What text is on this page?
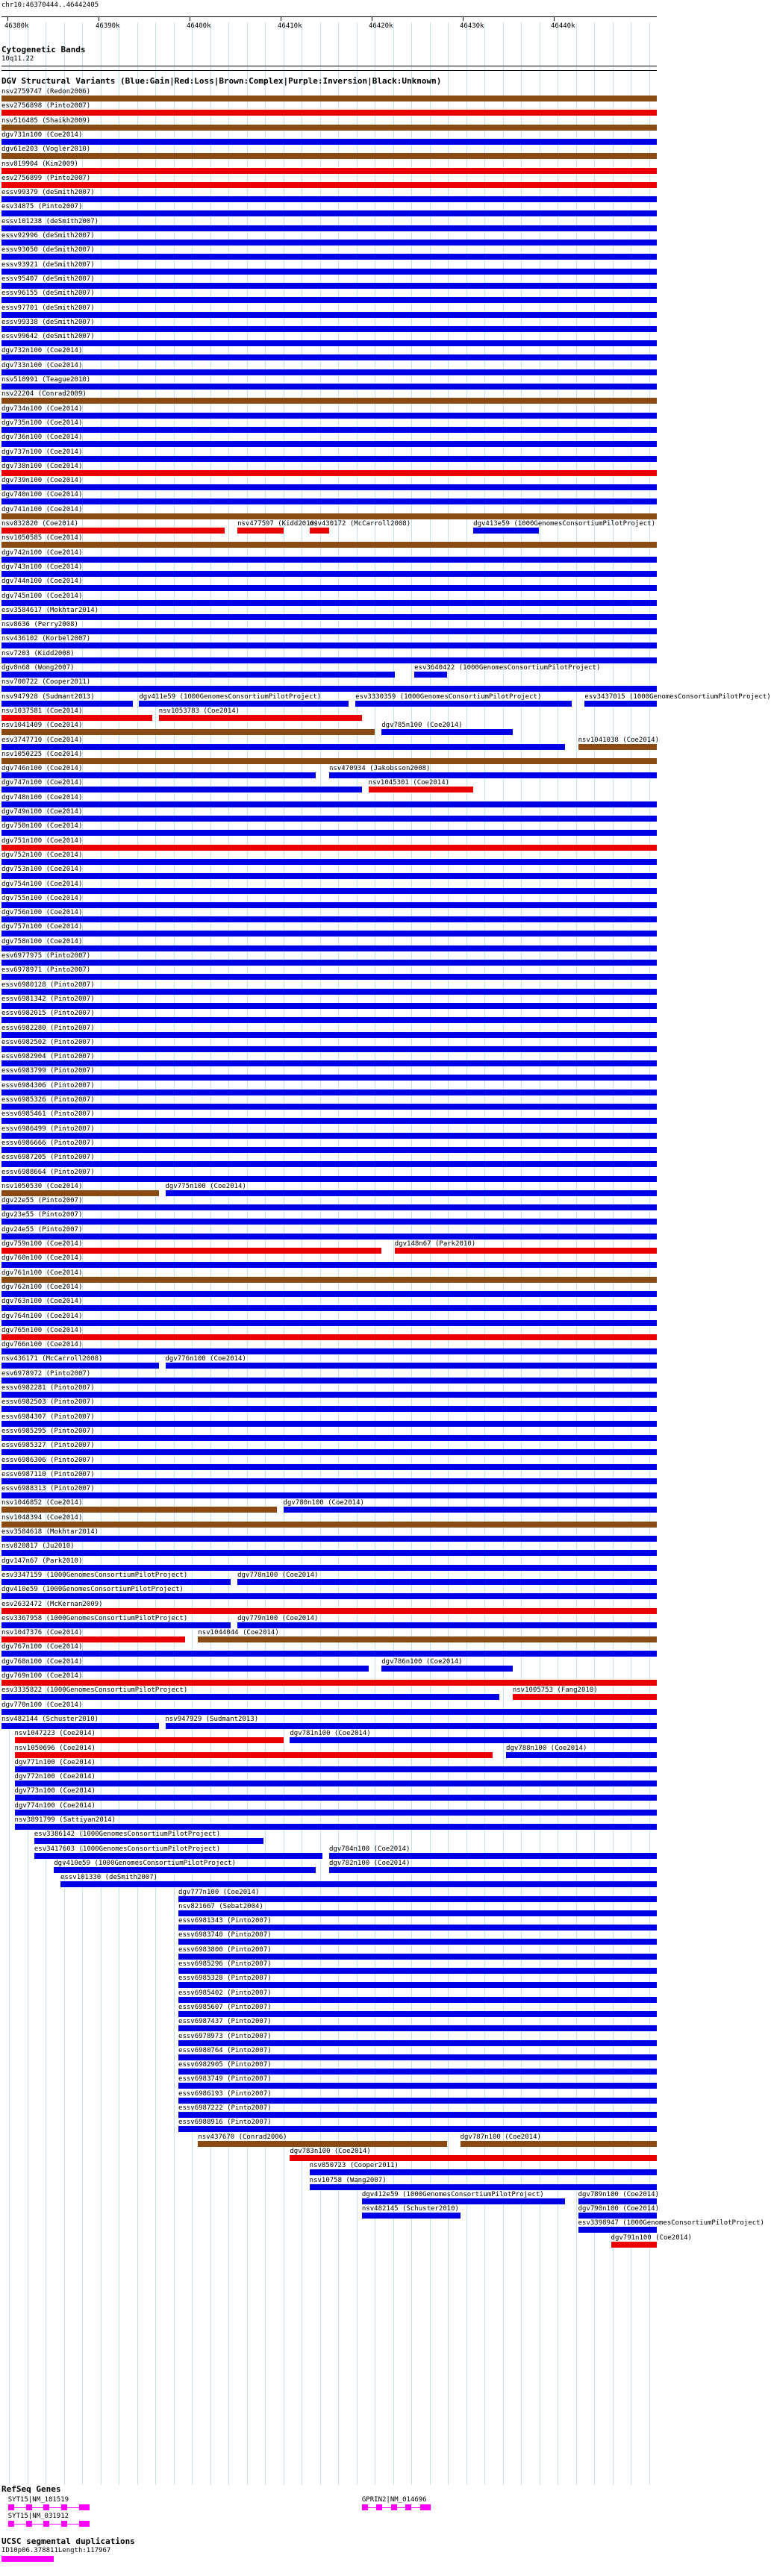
chr10:46370444..46442405
46380k	46390k	46400k	46410k	46420k	46430k	46440k
Cytogenetic Bands
10q11.22
DGV Structural Variants (Blue:Gain|Red:Loss|Brown:Complex|Purple:Inversion|Black:Unknown)
nsv2759747 (Redon2006)
esv2756898 (Pinto2007)
nsv516485 (Shaikh2009)
dgv731n100 (Coe2014)
dgv61e203 (Vogler2010)
nsv819904 (Kim2009)
esv2756899 (Pinto2007)
essv99379 (deSmith2007)
esv34875 (Pinto2007)
essv101238 (deSmith2007)
essv92996 (deSmith2007)
essv93050 (deSmith2007)
essv93921 (deSmith2007)
essv95407 (deSmith2007)
essv96155 (deSmith2007)
essv97701 (deSmith2007)
essv99338 (deSmith2007)
essv99642 (deSmith2007)
dgv732n100 (Coe2014)
dgv733n100 (Coe2014)
nsv510991 (Teague2010)
nsv22204 (Conrad2009)
dgv734n100 (Coe2014)
dgv735n100 (Coe2014)
dgv736n100 (Coe2014)
dgv737n100 (Coe2014)
dgv738n100 (Coe2014)
dgv739n100 (Coe2014)
dgv740n100 (Coe2014)
dgv741n100 (Coe2014)
nsv832820 (Coe2014)	nsv477597 (Kidd2010)
nsv430172 (McCarroll2008)	dgv413e59 (1000GenomesConsortiumPilotProject)
nsv1050585 (Coe2014)
dgv742n100 (Coe2014)
dgv743n100 (Coe2014)
dgv744n100 (Coe2014)
dgv745n100 (Coe2014)
esv3584617 (Mokhtar2014)
nsv8636 (Perry2008)
nsv436102 (Korbel2007)
nsv7203 (Kidd2008)
dgv8n68 (Wong2007)	esv3640422 (1000GenomesConsortiumPilotProject)
nsv700722 (Cooper2011)
nsv947928 (Sudmant2013)	dgv411e59 (1000GenomesConsortiumPilotProject)	esv3330359 (1000GenomesConsortiumPilotProject)	esv3437015 (1000GenomesConsortiumPilotProject)
nsv1037581 (Coe2014)	nsv1053783 (Coe2014)
nsv1041409 (Coe2014)	dgv785n100 (Coe2014)
esv3747710 (Coe2014)	nsv1041038 (Coe2014)
nsv1050225 (Coe2014)
dgv746n100 (Coe2014)	nsv470934 (Jakobsson2008)
dgv747n100 (Coe2014)	nsv1045301 (Coe2014)
dgv748n100 (Coe2014)
dgv749n100 (Coe2014)
dgv750n100 (Coe2014)
dgv751n100 (Coe2014)
dgv752n100 (Coe2014)
dgv753n100 (Coe2014)
dgv754n100 (Coe2014)
dgv755n100 (Coe2014)
dgv756n100 (Coe2014)
dgv757n100 (Coe2014)
dgv758n100 (Coe2014)
esv6977975 (Pinto2007)
esv6978971 (Pinto2007)
essv6980128 (Pinto2007)
essv6981342 (Pinto2007)
essv6982015 (Pinto2007)
essv6982280 (Pinto2007)
essv6982502 (Pinto2007)
essv6982904 (Pinto2007)
essv6983799 (Pinto2007)
essv6984306 (Pinto2007)
essv6985326 (Pinto2007)
essv6985461 (Pinto2007)
essv6986499 (Pinto2007)
essv6986666 (Pinto2007)
essv6987205 (Pinto2007)
essv6988664 (Pinto2007)
nsv1050530 (Coe2014)	dgv775n100 (Coe2014)
dgv22e55 (Pinto2007)
dgv23e55 (Pinto2007)
dgv24e55 (Pinto2007)
dgv759n100 (Coe2014)	dgv148n67 (Park2010)
dgv760n100 (Coe2014)
dgv761n100 (Coe2014)
dgv762n100 (Coe2014)
dgv763n100 (Coe2014)
dgv764n100 (Coe2014)
dgv765n100 (Coe2014)
dgv766n100 (Coe2014)
nsv436171 (McCarroll2008)	dgv776n100 (Coe2014)
esv6978972 (Pinto2007)
essv6982281 (Pinto2007)
essv6982503 (Pinto2007)
essv6984307 (Pinto2007)
essv6985295 (Pinto2007)
essv6985327 (Pinto2007)
essv6986306 (Pinto2007)
essv6987110 (Pinto2007)
essv6988313 (Pinto2007)
nsv1046852 (Coe2014)	dgv780n100 (Coe2014)
nsv1048394 (Coe2014)
esv3584618 (Mokhtar2014)
nsv820817 (Ju2010)
dgv147n67 (Park2010)
esv3347159 (1000GenomesConsortiumPilotProject)	dgv778n100 (Coe2014)
dgv410e59 (1000GenomesConsortiumPilotProject)
esv2632472 (McKernan2009)
esv3367958 (1000GenomesConsortiumPilotProject)	dgv779n100 (Coe2014)
nsv1047376 (Coe2014)	nsv1044044 (Coe2014)
dgv767n100 (Coe2014)
dgv768n100 (Coe2014)	dgv786n100 (Coe2014)
dgv769n100 (Coe2014)
esv3335822 (1000GenomesConsortiumPilotProject)	nsv1005753 (Fang2010)
dgv770n100 (Coe2014)
nsv482144 (Schuster2010)	nsv947929 (Sudmant2013)
nsv1047223 (Coe2014)	dgv781n100 (Coe2014)
nsv1050696 (Coe2014)	dgv788n100 (Coe2014)
dgv771n100 (Coe2014)
dgv772n100 (Coe2014)
dgv773n100 (Coe2014)
dgv774n100 (Coe2014)
nsv3891799 (Sattiyan2014)
esv3386142 (1000GenomesConsortiumPilotProject)
esv3417603 (1000GenomesConsortiumPilotProject)	dgv784n100 (Coe2014)
dgv410e59 (1000GenomesConsortiumPilotProject)	dgv782n100 (Coe2014)
essv101330 (deSmith2007)
dgv777n100 (Coe2014)
nsv821667 (Sebat2004)
essv6981343 (Pinto2007)
essv6983740 (Pinto2007)
essv6983800 (Pinto2007)
essv6985296 (Pinto2007)
essv6985328 (Pinto2007)
essv6985402 (Pinto2007)
essv6985607 (Pinto2007)
essv6987437 (Pinto2007)
essv6978973 (Pinto2007)
essv6980764 (Pinto2007)
essv6982905 (Pinto2007)
essv6983749 (Pinto2007)
essv6986193 (Pinto2007)
essv6987222 (Pinto2007)
essv6988916 (Pinto2007)
nsv437670 (Conrad2006)	dgv787n100 (Coe2014)
dgv783n100 (Coe2014)
nsv850723 (Cooper2011)
nsv10758 (Wang2007)
dgv412e59 (1000GenomesConsortiumPilotProject)	dgv789n100 (Coe2014)
nsv482145 (Schuster2010)	dgv790n100 (Coe2014)
esv3398947 (1000GenomesConsortiumPilotProject)
dgv791n100 (Coe2014)
RefSeq Genes
SYT15|NM_181519
SYT15|NM_031912
GPRIN2|NM_014696
UCSC segmental duplications
ID10p06.378811Length:117967
